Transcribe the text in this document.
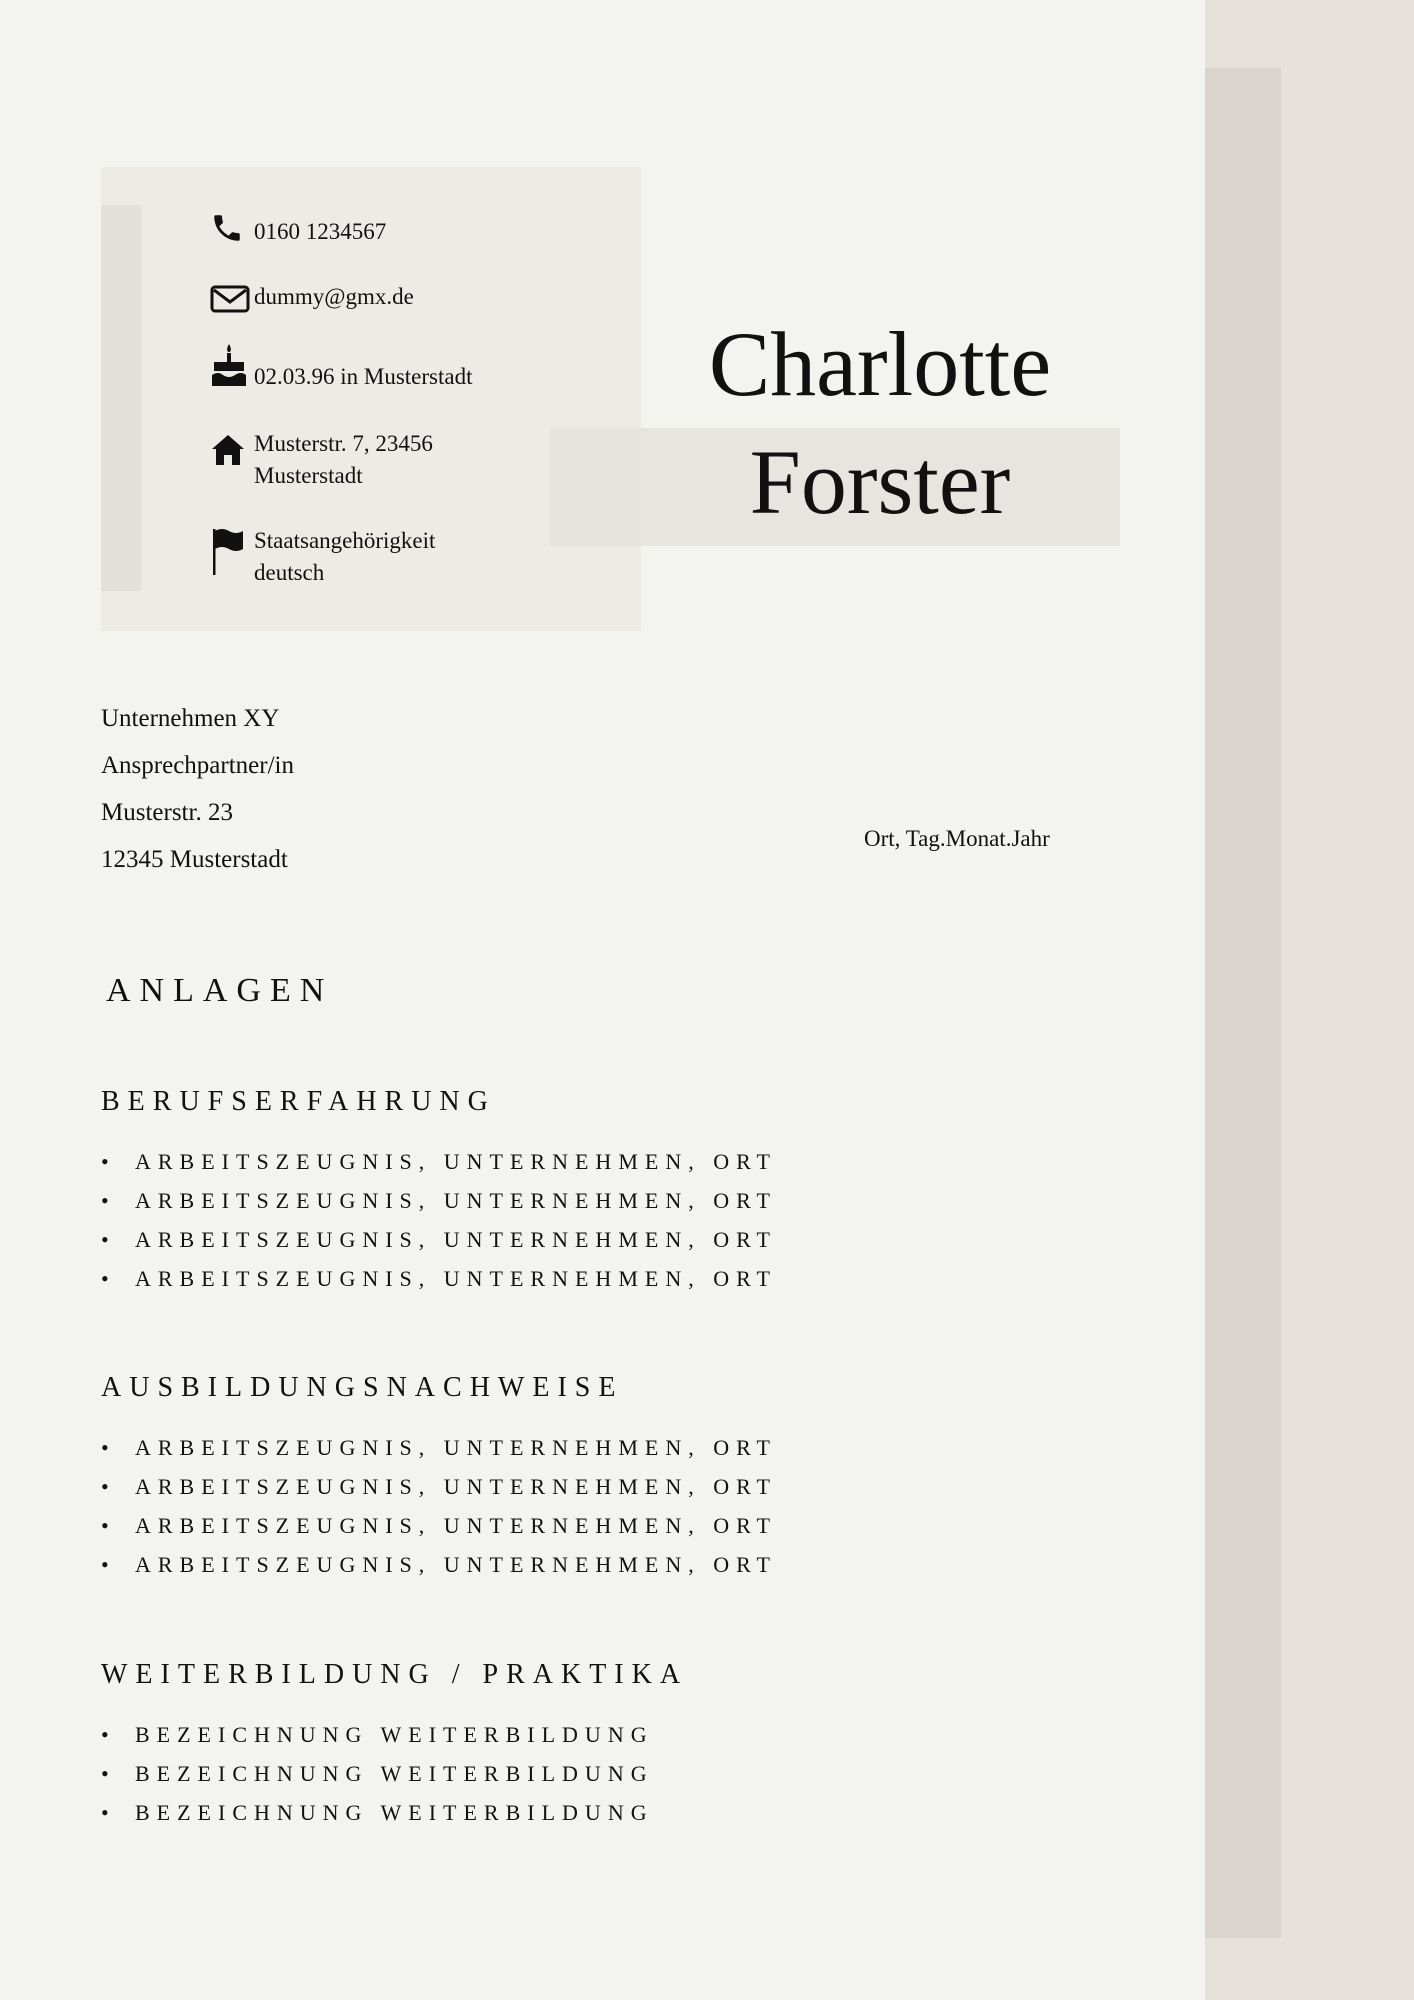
Charlotte
Forster
0160 1234567
dummy@gmx.de
02.03.96 in Musterstadt
Musterstr. 7, 23456
Musterstadt
Staatsangehörigkeit
deutsch
Unternehmen XY
Ansprechpartner/in
Musterstr. 23
12345 Musterstadt
Ort, Tag.Monat.Jahr
ANLAGEN
BERUFSERFAHRUNG
•	ARBEITSZEUGNIS, UNTERNEHMEN, ORT
•	ARBEITSZEUGNIS, UNTERNEHMEN, ORT
•	ARBEITSZEUGNIS, UNTERNEHMEN, ORT
•	ARBEITSZEUGNIS, UNTERNEHMEN, ORT
AUSBILDUNGSNACHWEISE
•	ARBEITSZEUGNIS, UNTERNEHMEN, ORT
•	ARBEITSZEUGNIS, UNTERNEHMEN, ORT
•	ARBEITSZEUGNIS, UNTERNEHMEN, ORT
•	ARBEITSZEUGNIS, UNTERNEHMEN, ORT
WEITERBILDUNG / PRAKTIKA
•	BEZEICHNUNG WEITERBILDUNG
•	BEZEICHNUNG WEITERBILDUNG
•	BEZEICHNUNG WEITERBILDUNG
